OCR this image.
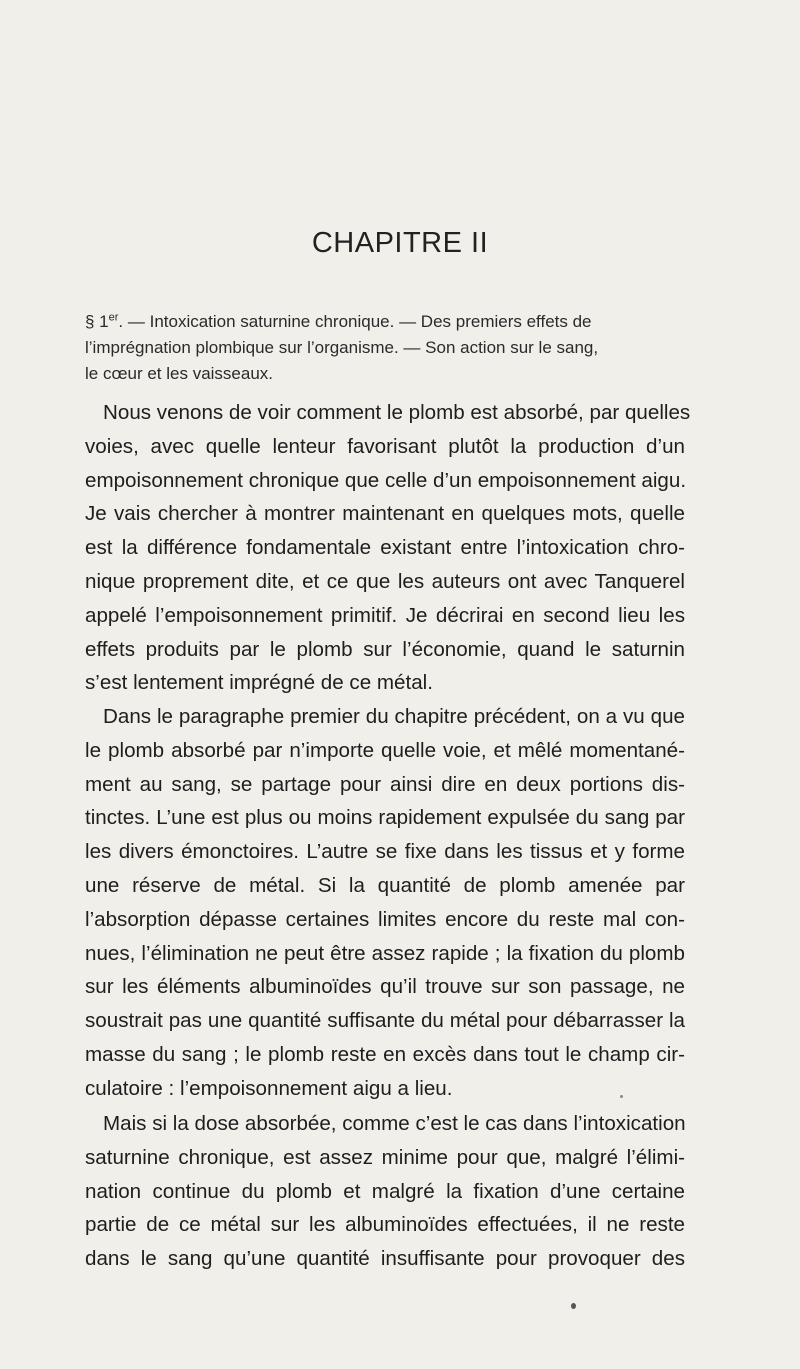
CHAPITRE II
§ 1er. — Intoxication saturnine chronique. — Des premiers effets de
l’imprégnation plombique sur l’organisme. — Son action sur le sang,
le cœur et les vaisseaux.
Nous venons de voir comment le plomb est absorbé, par quelles
voies, avec quelle lenteur favorisant plutôt la production d’un
empoisonnement chronique que celle d’un empoisonnement aigu.
Je vais chercher à montrer maintenant en quelques mots, quelle
est la différence fondamentale existant entre l’intoxication chro-
nique proprement dite, et ce que les auteurs ont avec Tanquerel
appelé l’empoisonnement primitif. Je décrirai en second lieu les
effets produits par le plomb sur l’économie, quand le saturnin
s’est lentement imprégné de ce métal.
Dans le paragraphe premier du chapitre précédent, on a vu que
le plomb absorbé par n’importe quelle voie, et mêlé momentané-
ment au sang, se partage pour ainsi dire en deux portions dis-
tinctes. L’une est plus ou moins rapidement expulsée du sang par
les divers émonctoires. L’autre se fixe dans les tissus et y forme
une réserve de métal. Si la quantité de plomb amenée par
l’absorption dépasse certaines limites encore du reste mal con-
nues, l’élimination ne peut être assez rapide ; la fixation du plomb
sur les éléments albuminoïdes qu’il trouve sur son passage, ne
soustrait pas une quantité suffisante du métal pour débarrasser la
masse du sang ; le plomb reste en excès dans tout le champ cir-
culatoire : l’empoisonnement aigu a lieu.
Mais si la dose absorbée, comme c’est le cas dans l’intoxication
saturnine chronique, est assez minime pour que, malgré l’élimi-
nation continue du plomb et malgré la fixation d’une certaine
partie de ce métal sur les albuminoïdes effectuées, il ne reste
dans le sang qu’une quantité insuffisante pour provoquer des
